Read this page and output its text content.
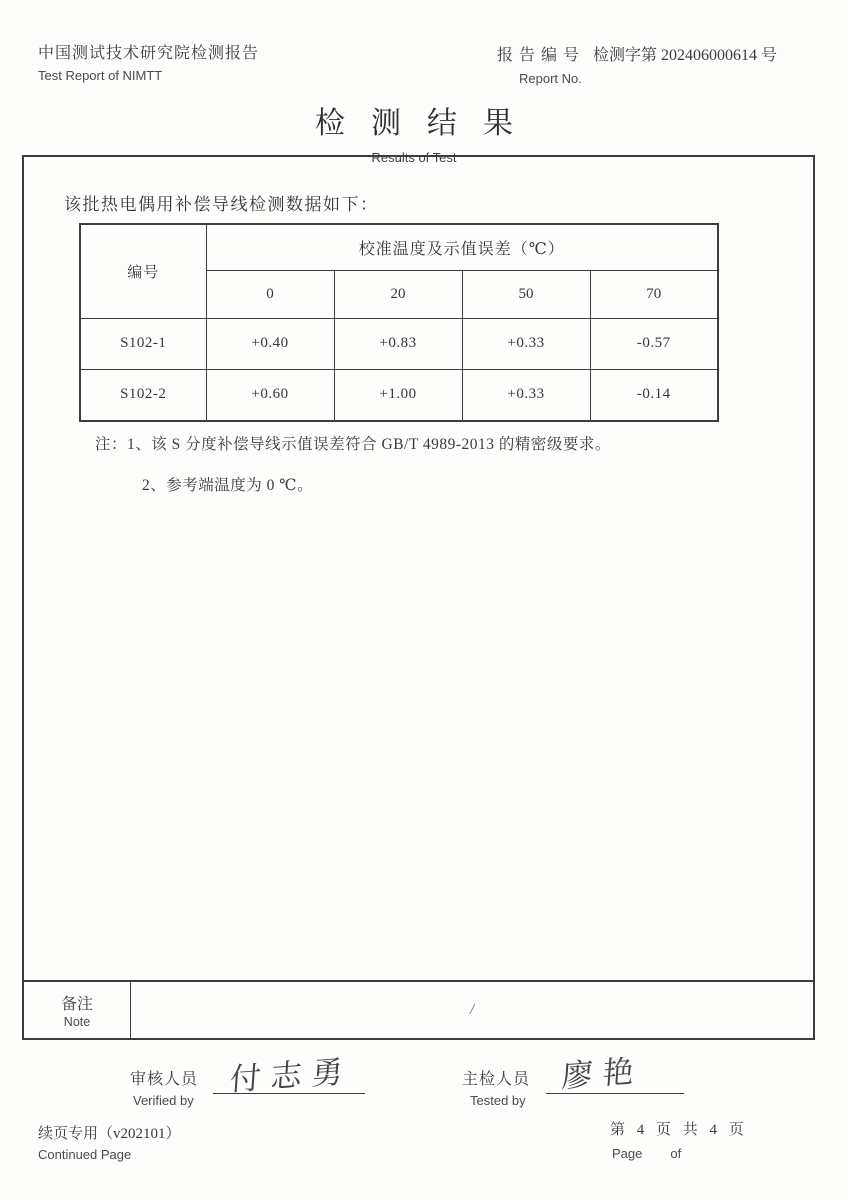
中国测试技术研究院检测报告
Test Report of NIMTT
报告编号 检测字第 202406000614 号
Report No.
检测结果
Results of Test
该批热电偶用补偿导线检测数据如下：
编号	校准温度及示值误差（℃）			
	0	20	50	70
S102-1	+0.40	+0.83	+0.33	-0.57
S102-2	+0.60	+1.00	+0.33	-0.14
注：1、该 S 分度补偿导线示值误差符合 GB/T 4989-2013 的精密级要求。
2、参考端温度为 0 ℃。
备注
Note
/
审核人员
Verified by
付志勇	主检人员
Tested by
廖艳
续页专用（v202101）
Continued Page
第 4 页 共 4 页
Page of
